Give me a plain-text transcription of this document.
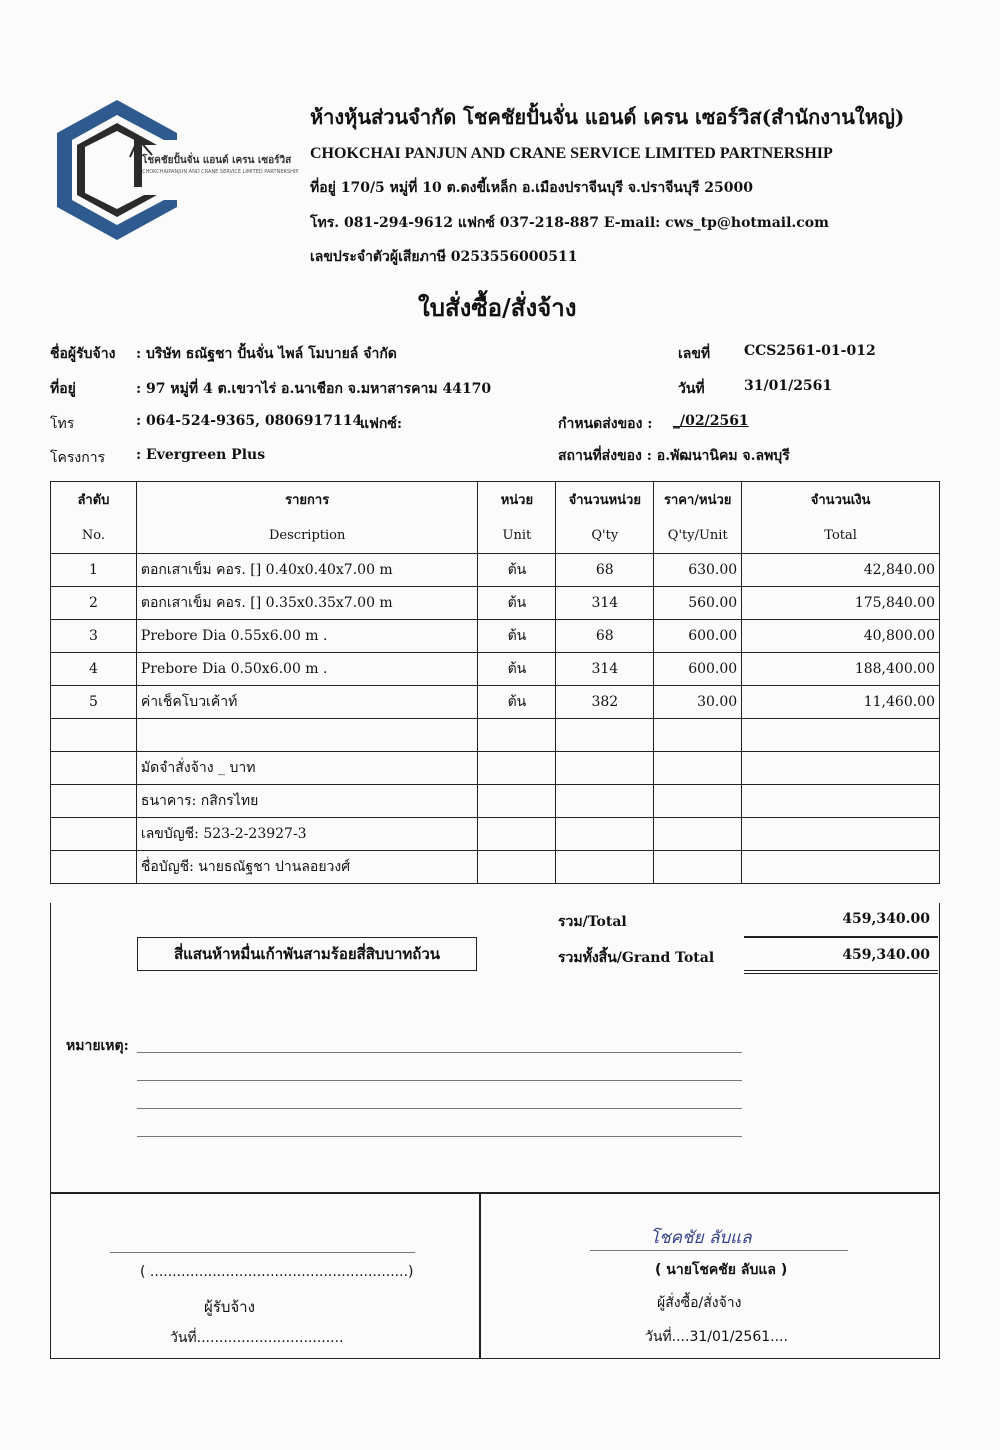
โชคชัยปั้นจั่น แอนด์ เครน เซอร์วิส
CHOKCHAIPANJUN AND CRANE SERVICE LIMITED PARTNERSHIP
ห้างหุ้นส่วนจำกัด โชคชัยปั้นจั่น แอนด์ เครน เซอร์วิส(สำนักงานใหญ่)
CHOKCHAI PANJUN AND CRANE SERVICE LIMITED PARTNERSHIP
ที่อยู่ 170/5 หมู่ที่ 10 ต.ดงขี้เหล็ก อ.เมืองปราจีนบุรี จ.ปราจีนบุรี 25000
โทร. 081-294-9612 แฟกซ์ 037-218-887 E-mail: cws_tp@hotmail.com
เลขประจำตัวผู้เสียภาษี 0253556000511
ใบสั่งซื้อ/สั่งจ้าง
ชื่อผู้รับจ้าง : บริษัท ธณัฐชา ปั้นจั่น ไพล์ โมบายล์ จำกัด
ที่อยู่	: 97 หมู่ที่ 4 ต.เขวาไร่ อ.นาเชือก จ.มหาสารคาม 44170
โทร	: 064-524-9365, 0806917114
แฟกซ์:
โครงการ : Evergreen Plus
เลขที่ CCS2561-01-012
วันที่	31/01/2561
กำหนดส่งของ : _/02/2561
สถานที่ส่งของ : อ.พัฒนานิคม จ.ลพบุรี
ลำดับ	รายการ	หน่วย	จำนวนหน่วย	ราคา/หน่วย	จำนวนเงิน
No.	Description	Unit	Q'ty	Q'ty/Unit	Total
1	ตอกเสาเข็ม คอร. [] 0.40x0.40x7.00 m	ต้น	68	630.00	42,840.00
2	ตอกเสาเข็ม คอร. [] 0.35x0.35x7.00 m	ต้น	314	560.00	175,840.00
3	Prebore Dia 0.55x6.00 m .	ต้น	68	600.00	40,800.00
4	Prebore Dia 0.50x6.00 m .	ต้น	314	600.00	188,400.00
5	ค่าเช็คโบวเค้าท์	ต้น	382	30.00	11,460.00

	มัดจำสั่งจ้าง _ บาท				
	ธนาคาร: กสิกรไทย				
	เลขบัญชี: 523-2-23927-3				
	ชื่อบัญชี: นายธณัฐชา ปานลอยวงศ์				
รวม/Total	459,340.00
รวมทั้งสิ้น/Grand Total	459,340.00
สี่แสนห้าหมื่นเก้าพันสามร้อยสี่สิบบาทถ้วน
หมายเหตุ:
( ..........................................................)
ผู้รับจ้าง
วันที่.................................
โชคชัย ลับแล
( นายโชคชัย ลับแล )
ผู้สั่งซื้อ/สั่งจ้าง
วันที่....31/01/2561....
